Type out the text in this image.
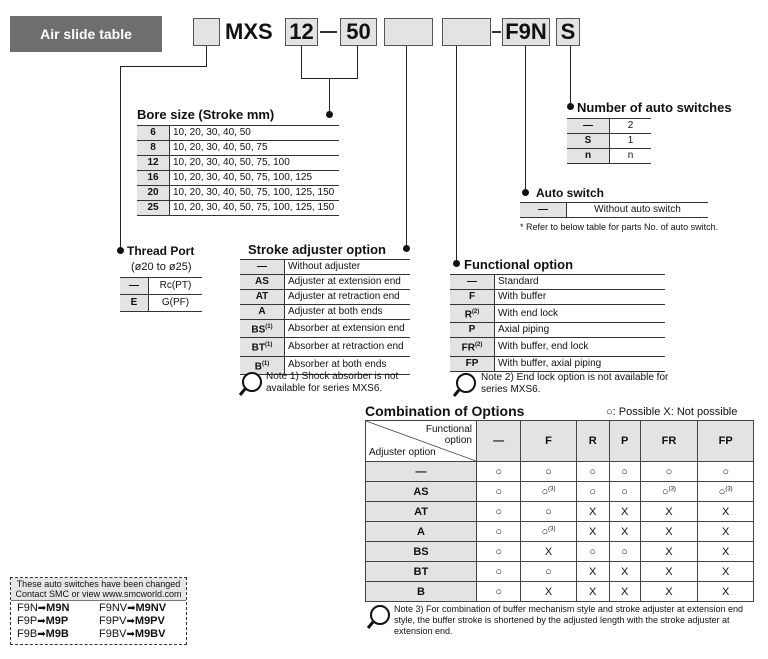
Air slide table	MXS 12 50	F9N S
Bore size (Stroke mm)
6	10, 20, 30, 40, 50
8	10, 20, 30, 40, 50, 75
12	10, 20, 30, 40, 50, 75, 100
16	10, 20, 30, 40, 50, 75, 100, 125
20	10, 20, 30, 40, 50, 75, 100, 125, 150
25	10, 20, 30, 40, 50, 75, 100, 125, 150
Thread Port
(ø20 to ø25)
—	Rc(PT)
E	G(PF)
Stroke adjuster option
—	Without adjuster
AS	Adjuster at extension end
AT	Adjuster at retraction end
A	Adjuster at both ends
BS$^{(1)}$	Absorber at extension end
BT$^{(1)}$	Absorber at retraction end
$B^{(1)}$	Absorber at both ends
Note 1) Shock absorber is not available for series MXS6.
Functional option
—	Standard
F	With buffer
$R^{(2)}$	With end lock
P	Axial piping
FR$^{(2)}$	With buffer, end lock
FP	With buffer, axial piping
Note 2) End lock option is not available for series MXS6.
Auto switch
—	Without auto switch
* Refer to below table for parts No. of auto switch.
Number of auto switches
—	2
S	1
n	n
Combination of Options	○: Possible X: Not possible
Functional option
Adjuster option	—	F	R	P	FR	FP
—	○	○	○	○	○	○
AS	○	○$^{(3)}$	○	○	○$^{(3)}$	○$^{(3)}$
AT	○	○	X	X	X	X
A	○	○$^{(3)}$	X	X	X	X
BS	○	X	○	○	X	X
BT	○	○	X	X	X	X
B	○	X	X	X	X	X
Note 3) For combination of buffer mechanism style and stroke adjuster at extension end style, the buffer stroke is shortened by the adjusted length with the stroke adjuster at extension end.
These auto switches have been changed
Contact SMC or view www.smcworld.com
F9N➡M9N	F9NV➡M9NV
F9P➡M9P	F9PV➡M9PV
F9B➡M9B	F9BV➡M9BV
